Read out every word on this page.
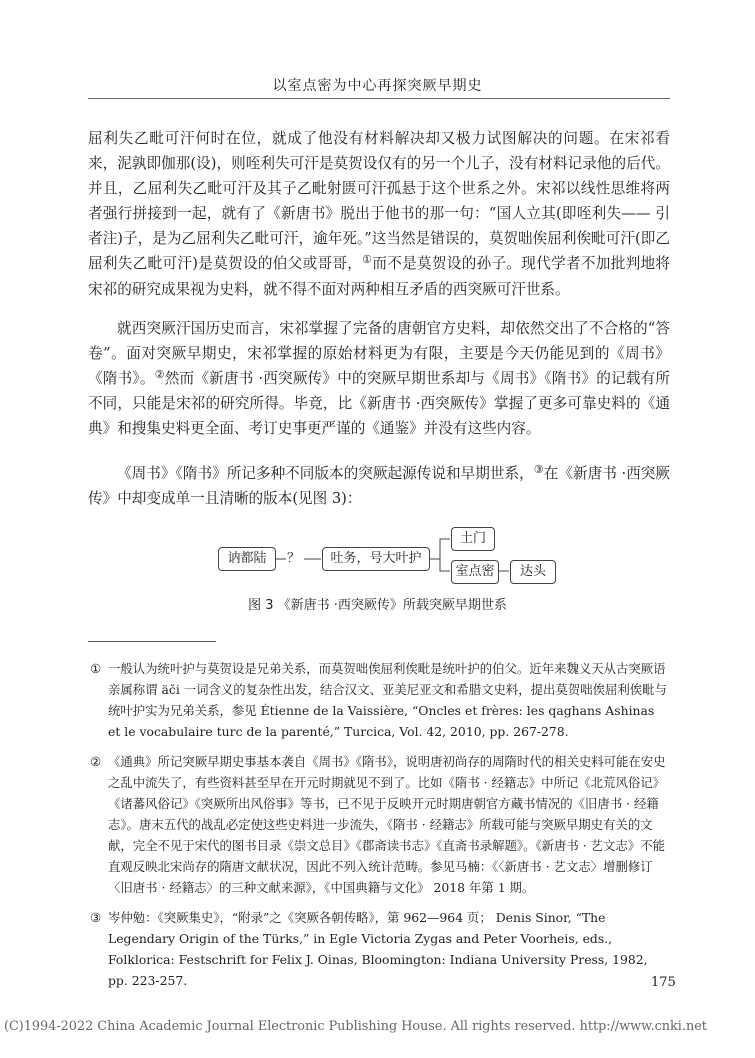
以室点密为中心再探突厥早期史

屈利失乙毗可汗何时在位，就成了他没有材料解决却又极力试图解决的问题。在宋祁看来，泥孰即伽那(设)，则咥利失可汗是莫贺设仅有的另一个儿子，没有材料记录他的后代。并且，乙屈利失乙毗可汗及其子乙毗射匮可汗孤悬于这个世系之外。宋祁以线性思维将两者强行拼接到一起，就有了《新唐书》脱出于他书的那一句：“国人立其(即咥利失—— 引者注)子，是为乙屈利失乙毗可汗，逾年死。”这当然是错误的，莫贺咄俟屈利俟毗可汗(即乙屈利失乙毗可汗)是莫贺设的伯父或哥哥，①而不是莫贺设的孙子。现代学者不加批判地将宋祁的研究成果视为史料，就不得不面对两种相互矛盾的西突厥可汗世系。

就西突厥汗国历史而言，宋祁掌握了完备的唐朝官方史料，却依然交出了不合格的“答卷”。面对突厥早期史，宋祁掌握的原始材料更为有限，主要是今天仍能见到的《周书》《隋书》。②然而《新唐书 ·西突厥传》中的突厥早期世系却与《周书》《隋书》的记载有所不同，只能是宋祁的研究所得。毕竟，比《新唐书 ·西突厥传》掌握了更多可靠史料的《通典》和搜集史料更全面、考订史事更严谨的《通鉴》并没有这些内容。

《周书》《隋书》所记多种不同版本的突厥起源传说和早期世系，③在《新唐书 ·西突厥传》中却变成单一且清晰的版本(见图 3)：

讷都陆	？	吐务，号大叶护
土门
室点密	达头
图 3 《新唐书 ·西突厥传》所载突厥早期世系
① 一般认为统叶护与莫贺设是兄弟关系，而莫贺咄俟屈利俟毗是统叶护的伯父。近年来魏义天从古突厥语亲属称谓 äči 一词含义的复杂性出发，结合汉文、亚美尼亚文和希腊文史料，提出莫贺咄俟屈利俟毗与统叶护实为兄弟关系，参见 Étienne de la Vaissière, “Oncles et frères: les qaghans Ashinas et le vocabulaire turc de la parenté,” Turcica, Vol. 42, 2010, pp. 267-278.
② 《通典》所记突厥早期史事基本袭自《周书》《隋书》，说明唐初尚存的周隋时代的相关史料可能在安史之乱中流失了，有些资料甚至早在开元时期就见不到了。比如《隋书 · 经籍志》中所记《北荒风俗记》《诸蕃风俗记》《突厥所出风俗事》等书，已不见于反映开元时期唐朝官方藏书情况的《旧唐书 · 经籍志》。唐末五代的战乱必定使这些史料进一步流失，《隋书 · 经籍志》所载可能与突厥早期史有关的文献，完全不见于宋代的图书目录《崇文总目》《郡斋读书志》《直斋书录解题》。《新唐书 · 艺文志》不能直观反映北宋尚存的隋唐文献状况，因此不列入统计范畴。参见马楠：《〈新唐书 · 艺文志〉增删修订〈旧唐书 · 经籍志〉的三种文献来源》，《中国典籍与文化》 2018 年第 1 期。
③ 岑仲勉：《突厥集史》，“附录”之《突厥各朝传略》，第 962—964 页； Denis Sinor, “The Legendary Origin of the Türks,” in Egle Victoria Zygas and Peter Voorheis, eds., Folklorica: Festschrift for Felix J. Oinas, Bloomington: Indiana University Press, 1982, pp. 223-257.	175
(C)1994-2022 China Academic Journal Electronic Publishing House. All rights reserved. http://www.cnki.net
